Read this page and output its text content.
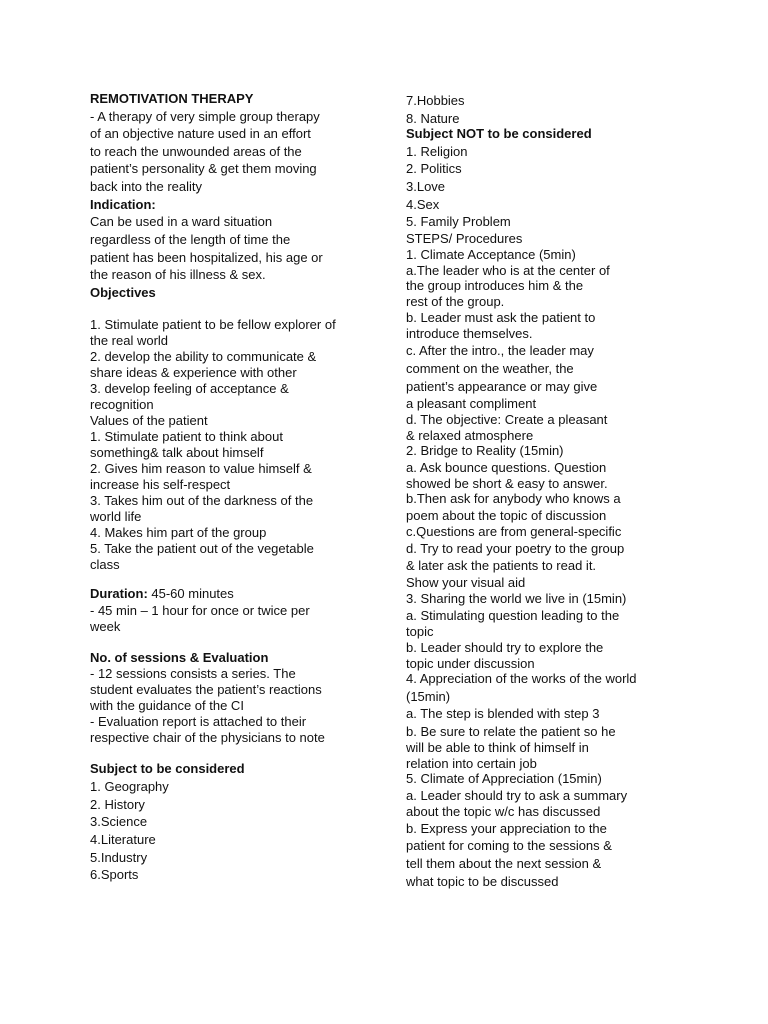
REMOTIVATION THERAPY
- A therapy of very simple group therapy
of an objective nature used in an effort
to reach the unwounded areas of the
patient’s personality & get them moving
back into the reality
Indication:
Can be used in a ward situation
regardless of the length of time the
patient has been hospitalized, his age or
the reason of his illness & sex.
Objectives
1. Stimulate patient to be fellow explorer of
the real world
2. develop the ability to communicate &
share ideas & experience with other
3. develop feeling of acceptance &
recognition
Values of the patient
1. Stimulate patient to think about
something& talk about himself
2. Gives him reason to value himself &
increase his self-respect
3. Takes him out of the darkness of the
world life
4. Makes him part of the group
5. Take the patient out of the vegetable
class
Duration: 45-60 minutes
- 45 min – 1 hour for once or twice per
week
No. of sessions & Evaluation
- 12 sessions consists a series. The
student evaluates the patient’s reactions
with the guidance of the CI
- Evaluation report is attached to their
respective chair of the physicians to note
Subject to be considered
1. Geography
2. History
3.Science
4.Literature
5.Industry
6.Sports
7.Hobbies
8. Nature
Subject NOT to be considered
1. Religion
2. Politics
3.Love
4.Sex
5. Family Problem
STEPS/ Procedures
1. Climate Acceptance (5min)
a.The leader who is at the center of
the group introduces him & the
rest of the group.
b. Leader must ask the patient to
introduce themselves.
c. After the intro., the leader may
comment on the weather, the
patient’s appearance or may give
a pleasant compliment
d. The objective: Create a pleasant
& relaxed atmosphere
2. Bridge to Reality (15min)
a. Ask bounce questions. Question
showed be short & easy to answer.
b.Then ask for anybody who knows a
poem about the topic of discussion
c.Questions are from general-specific
d. Try to read your poetry to the group
& later ask the patients to read it.
Show your visual aid
3. Sharing the world we live in (15min)
a. Stimulating question leading to the
topic
b. Leader should try to explore the
topic under discussion
4. Appreciation of the works of the world
(15min)
a. The step is blended with step 3
b. Be sure to relate the patient so he
will be able to think of himself in
relation into certain job
5. Climate of Appreciation (15min)
a. Leader should try to ask a summary
about the topic w/c has discussed
b. Express your appreciation to the
patient for coming to the sessions &
tell them about the next session &
what topic to be discussed
